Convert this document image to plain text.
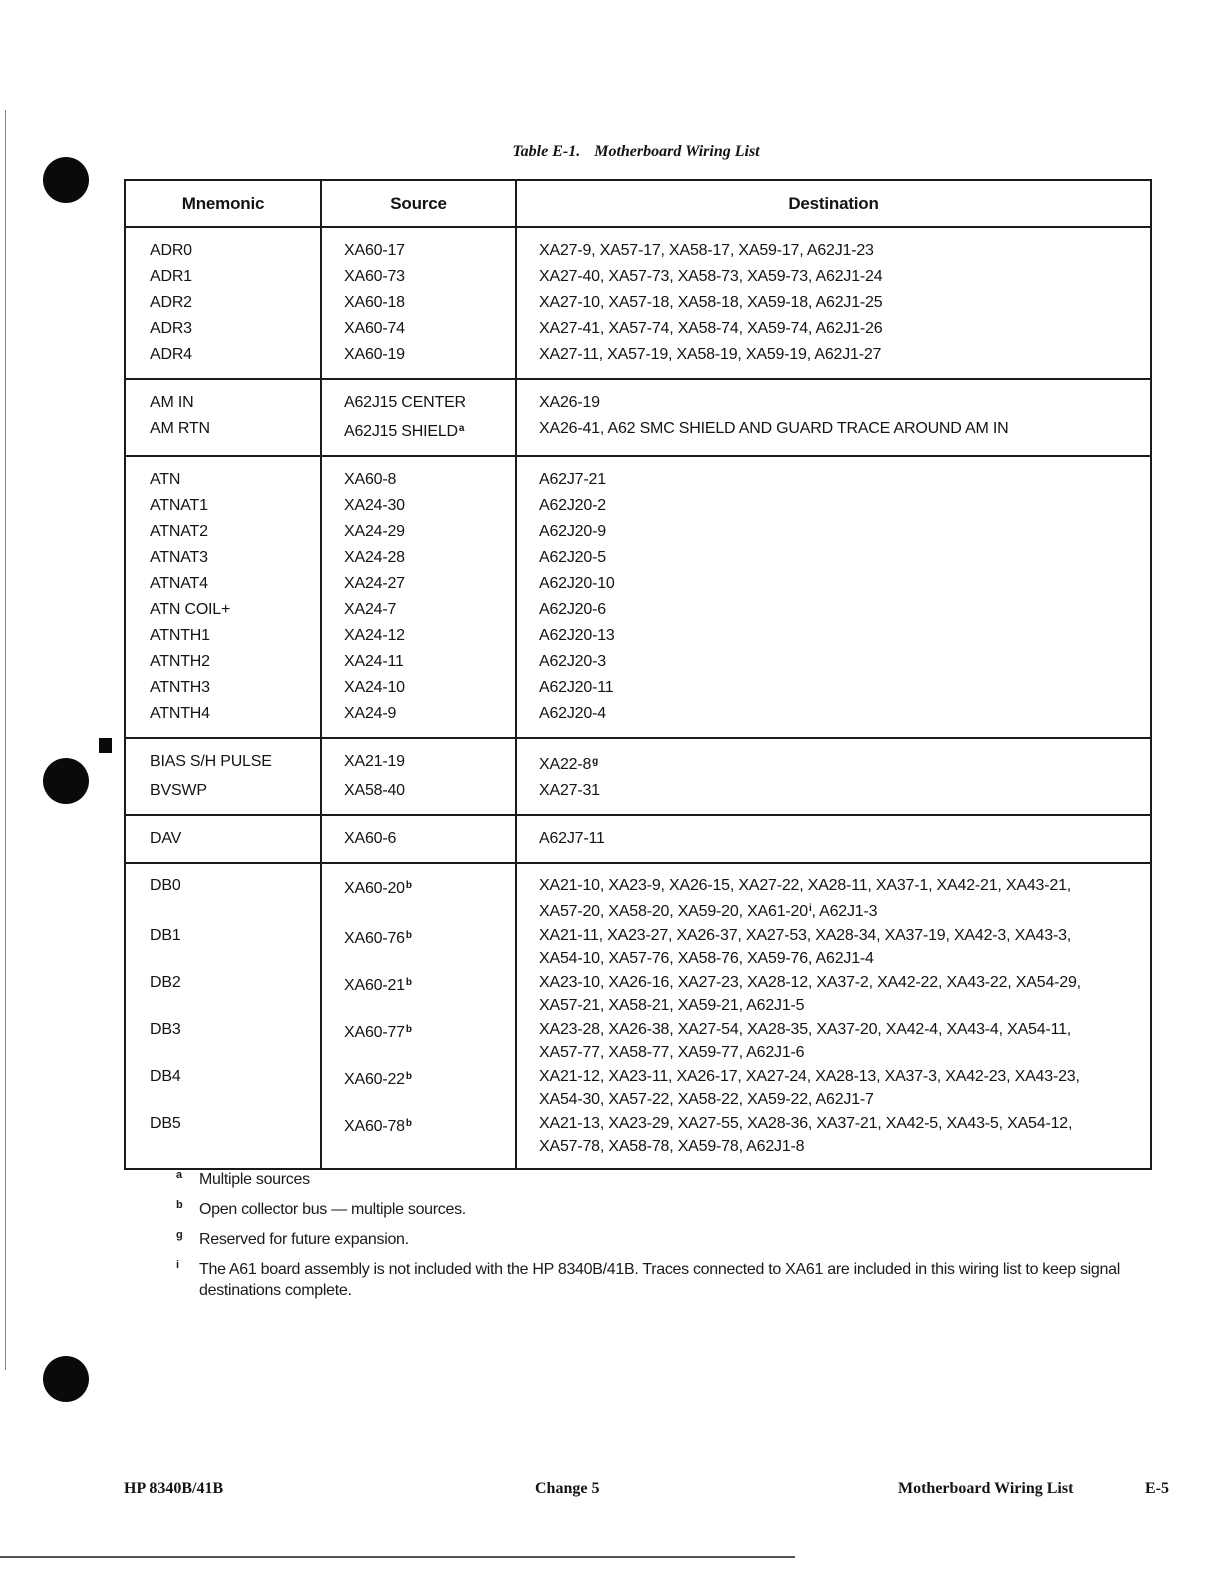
Table E-1. Motherboard Wiring List
Mnemonic	Source	Destination
ADR0	XA60-17	XA27-9, XA57-17, XA58-17, XA59-17, A62J1-23
ADR1	XA60-73	XA27-40, XA57-73, XA58-73, XA59-73, A62J1-24
ADR2	XA60-18	XA27-10, XA57-18, XA58-18, XA59-18, A62J1-25
ADR3	XA60-74	XA27-41, XA57-74, XA58-74, XA59-74, A62J1-26
ADR4	XA60-19	XA27-11, XA57-19, XA58-19, XA59-19, A62J1-27
AM IN	A62J15 CENTER	XA26-19
AM RTN	A62J15 SHIELD$^a$	XA26-41, A62 SMC SHIELD AND GUARD TRACE AROUND AM IN
ATN	XA60-8	A62J7-21
ATNAT1	XA24-30	A62J20-2
ATNAT2	XA24-29	A62J20-9
ATNAT3	XA24-28	A62J20-5
ATNAT4	XA24-27	A62J20-10
ATN COIL+	XA24-7	A62J20-6
ATNTH1	XA24-12	A62J20-13
ATNTH2	XA24-11	A62J20-3
ATNTH3	XA24-10	A62J20-11
ATNTH4	XA24-9	A62J20-4
BIAS S/H PULSE	XA21-19	XA22-8$^g$
BVSWP	XA58-40	XA27-31
DAV	XA60-6	A62J7-11
DB0	XA60-20$^b$	XA21-10, XA23-9, XA26-15, XA27-22, XA28-11, XA37-1, XA42-21, XA43-21,
XA57-20, XA58-20, XA59-20, XA61-20$^i$, A62J1-3

DB1	XA60-76$^b$	XA21-11, XA23-27, XA26-37, XA27-53, XA28-34, XA37-19, XA42-3, XA43-3,
XA54-10, XA57-76, XA58-76, XA59-76, A62J1-4

DB2	XA60-21$^b$	XA23-10, XA26-16, XA27-23, XA28-12, XA37-2, XA42-22, XA43-22, XA54-29,
XA57-21, XA58-21, XA59-21, A62J1-5

DB3	XA60-77$^b$	XA23-28, XA26-38, XA27-54, XA28-35, XA37-20, XA42-4, XA43-4, XA54-11,
XA57-77, XA58-77, XA59-77, A62J1-6

DB4	XA60-22$^b$	XA21-12, XA23-11, XA26-17, XA27-24, XA28-13, XA37-3, XA42-23, XA43-23,
XA54-30, XA57-22, XA58-22, XA59-22, A62J1-7

DB5	XA60-78$^b$	XA21-13, XA23-29, XA27-55, XA28-36, XA37-21, XA42-5, XA43-5, XA54-12,
XA57-78, XA58-78, XA59-78, A62J1-8
a Multiple sources
b Open collector bus — multiple sources.
g Reserved for future expansion.
i The A61 board assembly is not included with the HP 8340B/41B. Traces connected to XA61 are included in this wiring list to keep signal destinations complete.
HP 8340B/41B	Change 5	Motherboard Wiring List	E-5
